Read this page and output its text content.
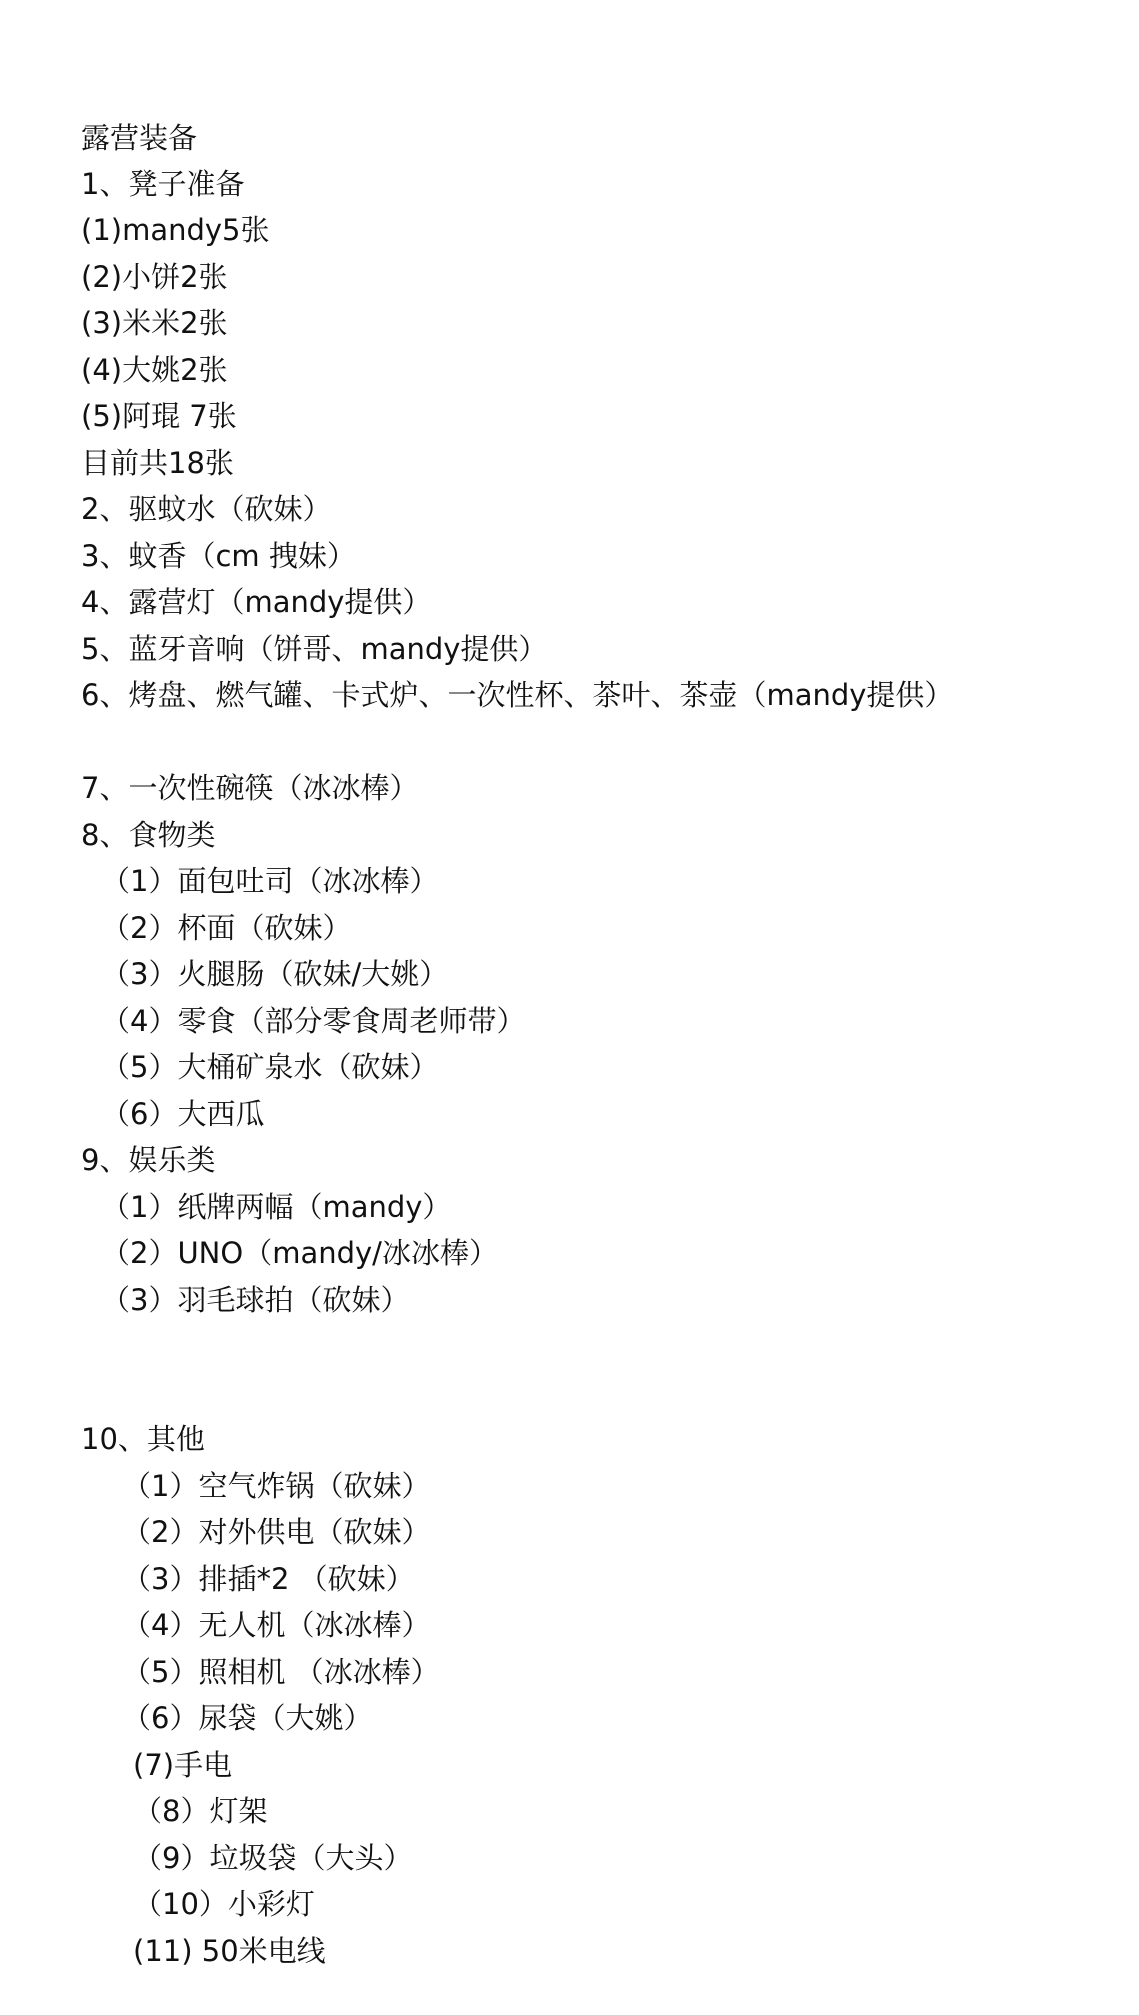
露营装备
1、凳子准备
(1)mandy5张
(2)小饼2张
(3)米米2张
(4)大姚2张
(5)阿琨 7张
目前共18张
2、驱蚊水（砍妹）
3、蚊香（cm 拽妹）
4、露营灯（mandy提供）
5、蓝牙音响（饼哥、mandy提供）
6、烤盘、燃气罐、卡式炉、一次性杯、茶叶、茶壶（mandy提供）
7、一次性碗筷（冰冰棒）
8、食物类
（1）面包吐司（冰冰棒）
（2）杯面（砍妹）
（3）火腿肠（砍妹/大姚）
（4）零食（部分零食周老师带）
（5）大桶矿泉水（砍妹）
（6）大西瓜
9、娱乐类
（1）纸牌两幅（mandy）
（2）UNO（mandy/冰冰棒）
（3）羽毛球拍（砍妹）
10、其他
（1）空气炸锅（砍妹）
（2）对外供电（砍妹）
（3）排插*2 （砍妹）
（4）无人机（冰冰棒）
（5）照相机 （冰冰棒）
（6）尿袋（大姚）
(7)手电
（8）灯架
（9）垃圾袋（大头）
（10）小彩灯
(11) 50米电线
